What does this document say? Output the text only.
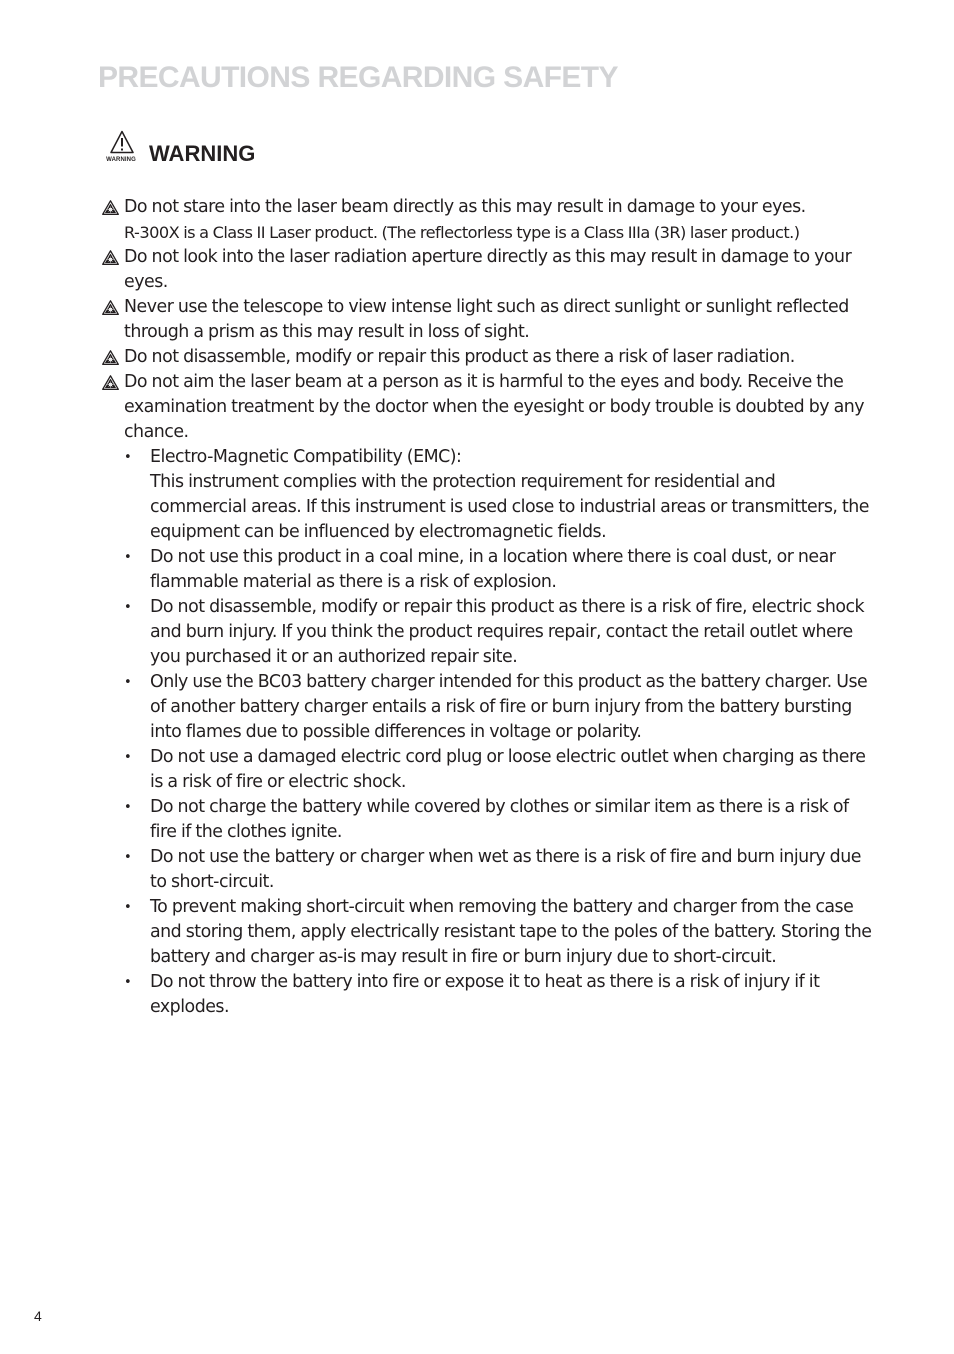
PRECAUTIONS REGARDING SAFETY
WARNING WARNING

Do not stare into the laser beam directly as this may result in damage to your eyes.

R-300X is a Class II Laser product. (The reflectorless type is a Class IIIa (3R) laser product.)

Do not look into the laser radiation aperture directly as this may result in damage to your eyes.

Never use the telescope to view intense light such as direct sunlight or sunlight reflected through a prism as this may result in loss of sight.

Do not disassemble, modify or repair this product as there a risk of laser radiation.

Do not aim the laser beam at a person as it is harmful to the eyes and body. Receive the examination treatment by the doctor when the eyesight or body trouble is doubted by any chance.

• Electro-Magnetic Compatibility (EMC):

This instrument complies with the protection requirement for residential and commercial areas. If this instrument is used close to industrial areas or transmitters, the equipment can be influenced by electromagnetic fields.

• Do not use this product in a coal mine, in a location where there is coal dust, or near flammable material as there is a risk of explosion.

• Do not disassemble, modify or repair this product as there is a risk of fire, electric shock and burn injury. If you think the product requires repair, contact the retail outlet where you purchased it or an authorized repair site.

• Only use the BC03 battery charger intended for this product as the battery charger. Use of another battery charger entails a risk of fire or burn injury from the battery bursting into flames due to possible differences in voltage or polarity.

• Do not use a damaged electric cord plug or loose electric outlet when charging as there is a risk of fire or electric shock.

• Do not charge the battery while covered by clothes or similar item as there is a risk of fire if the clothes ignite.

• Do not use the battery or charger when wet as there is a risk of fire and burn injury due to short-circuit.

• To prevent making short-circuit when removing the battery and charger from the case and storing them, apply electrically resistant tape to the poles of the battery. Storing the battery and charger as-is may result in fire or burn injury due to short-circuit.

• Do not throw the battery into fire or expose it to heat as there is a risk of injury if it explodes.

4
